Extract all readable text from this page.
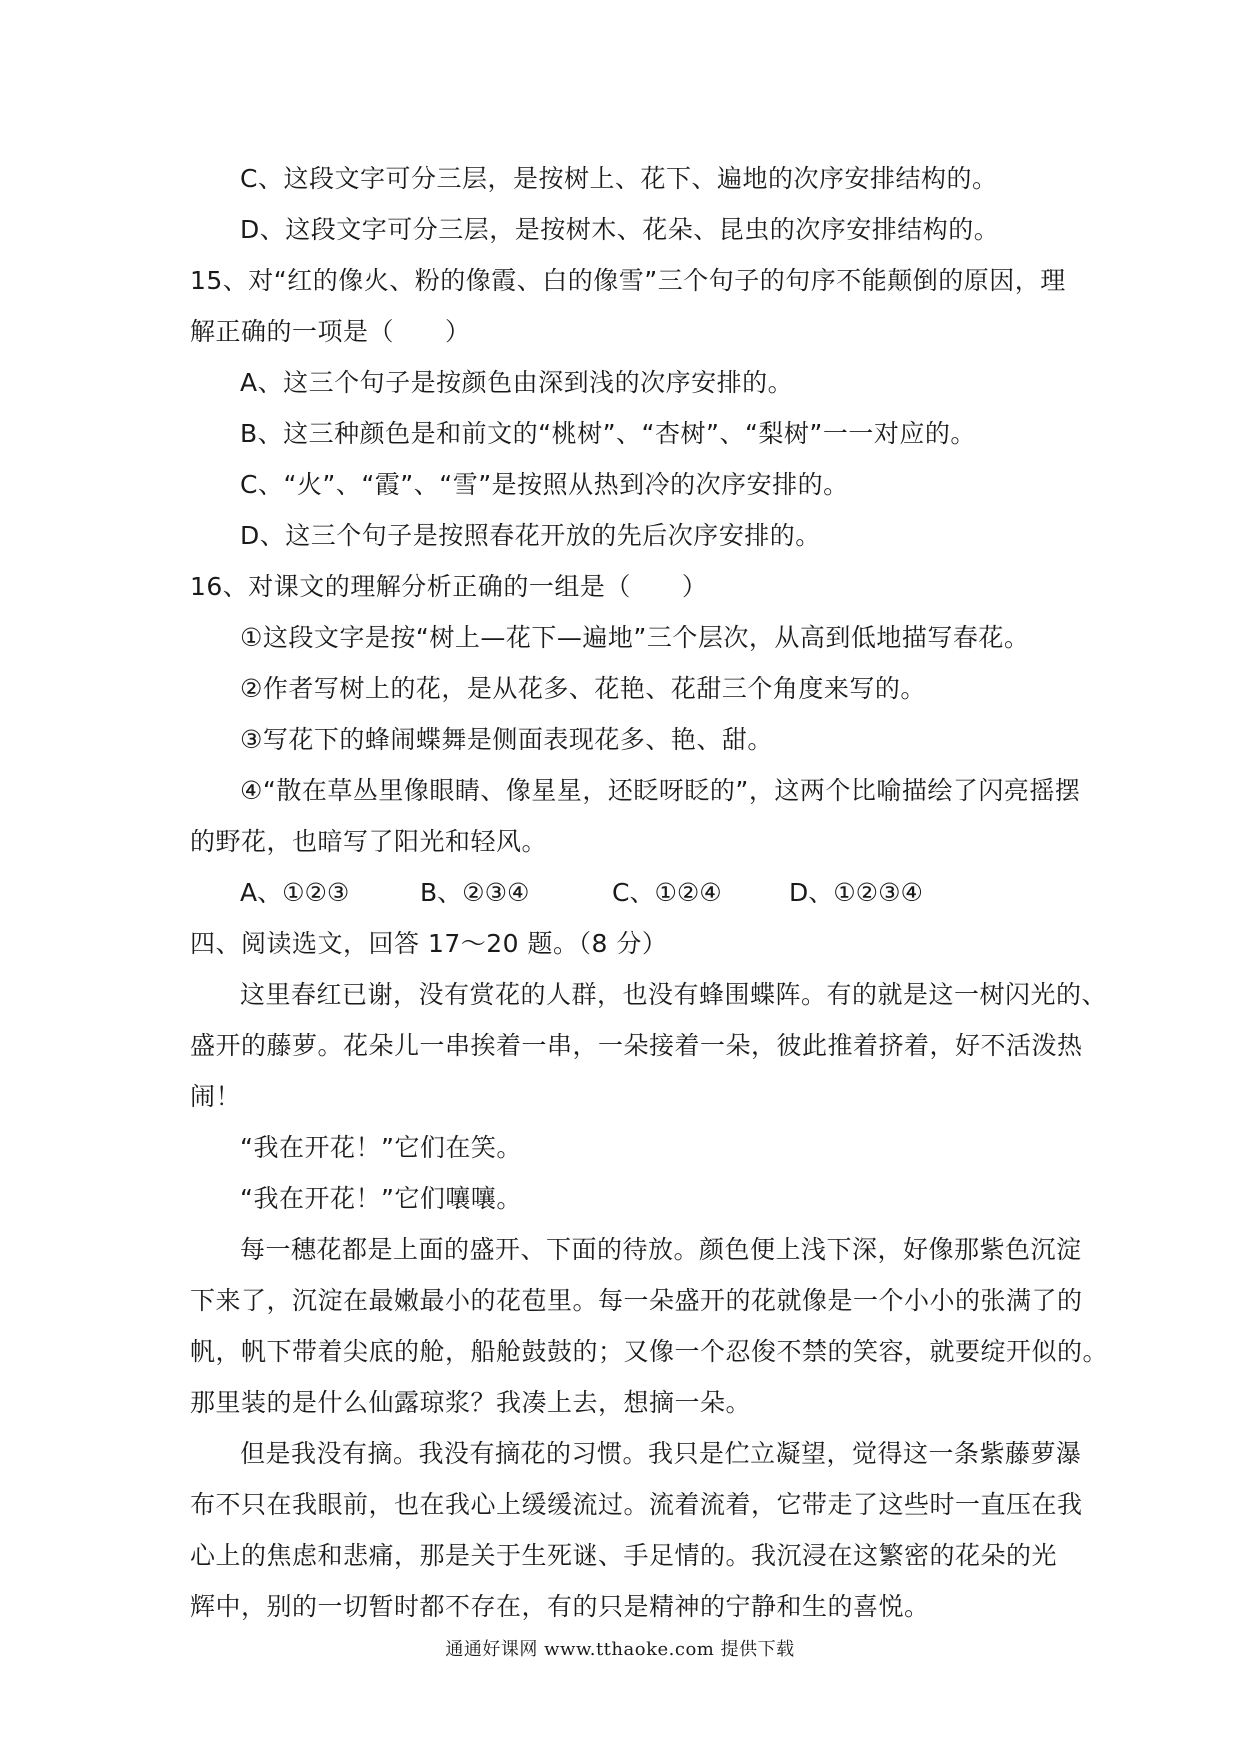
C、这段文字可分三层，是按树上、花下、遍地的次序安排结构的。
D、这段文字可分三层，是按树木、花朵、昆虫的次序安排结构的。
15、对“红的像火、粉的像霞、白的像雪”三个句子的句序不能颠倒的原因，理
解正确的一项是（　　）
A、这三个句子是按颜色由深到浅的次序安排的。
B、这三种颜色是和前文的“桃树”、“杏树”、“梨树”一一对应的。
C、“火”、“霞”、“雪”是按照从热到冷的次序安排的。
D、这三个句子是按照春花开放的先后次序安排的。
16、对课文的理解分析正确的一组是（　　）
①这段文字是按“树上—花下—遍地”三个层次，从高到低地描写春花。
②作者写树上的花，是从花多、花艳、花甜三个角度来写的。
③写花下的蜂闹蝶舞是侧面表现花多、艳、甜。
④“散在草丛里像眼睛、像星星，还眨呀眨的”，这两个比喻描绘了闪亮摇摆
的野花，也暗写了阳光和轻风。
A、①②③	B、②③④	C、①②④	D、①②③④
四、阅读选文，回答 17～20 题。（8 分）
这里春红已谢，没有赏花的人群，也没有蜂围蝶阵。有的就是这一树闪光的、
盛开的藤萝。花朵儿一串挨着一串，一朵接着一朵，彼此推着挤着，好不活泼热
闹！
“我在开花！”它们在笑。
“我在开花！”它们嚷嚷。
每一穗花都是上面的盛开、下面的待放。颜色便上浅下深，好像那紫色沉淀
下来了，沉淀在最嫩最小的花苞里。每一朵盛开的花就像是一个小小的张满了的
帆，帆下带着尖底的舱，船舱鼓鼓的；又像一个忍俊不禁的笑容，就要绽开似的。
那里装的是什么仙露琼浆？我凑上去，想摘一朵。
但是我没有摘。我没有摘花的习惯。我只是伫立凝望，觉得这一条紫藤萝瀑
布不只在我眼前，也在我心上缓缓流过。流着流着，它带走了这些时一直压在我
心上的焦虑和悲痛，那是关于生死谜、手足情的。我沉浸在这繁密的花朵的光
辉中，别的一切暂时都不存在，有的只是精神的宁静和生的喜悦。
通通好课网 www.tthaoke.com 提供下载
